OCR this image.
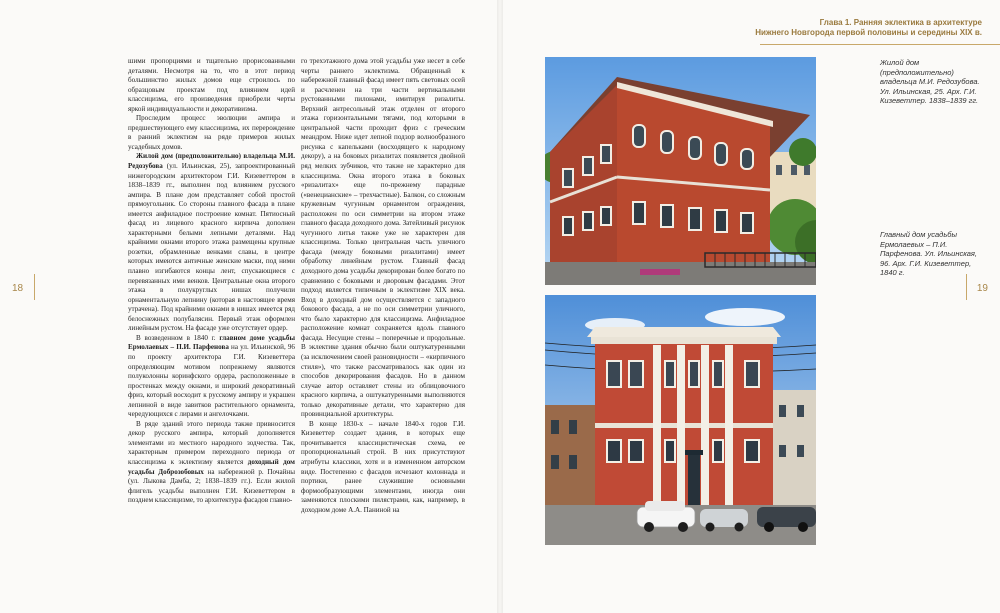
Глава 1. Ранняя эклектика в архитектуре
Нижнего Новгорода первой половины и середины XIX в.
18	19

шими пропорциями и тщательно прорисованными деталями. Несмотря на то, что в этот период большинство жилых домов еще строилось по образцовым проектам под влиянием идей классицизма, его произведения приобрели черты яркой индивидуальности и декоративизма.

Проследим процесс эволюции ампира и предшествующего ему классицизма, их перерождение в ранний эклектизм на ряде примеров жилых усадебных домов.

Жилой дом (предположительно) владельца М.И. Редозубова (ул. Ильинская, 25), запроектированный нижегородским архитектором Г.И. Кизеветтером в 1838–1839 гг., выполнен под влиянием русского ампира. В плане дом представляет собой простой прямоугольник. Со стороны главного фасада в плане имеется анфиладное построение комнат. Пятиосный фасад из лицевого красного кирпича дополнен характерными белыми лепными деталями. Над крайними окнами второго этажа размещены крупные розетки, обрамленные венками славы, в центре которых имеются античные женские маски, под ними плавно изгибаются концы лент, спускающиеся с перевязанных ими венков. Центральные окна второго этажа в полукруглых нишах получили орнаментальную лепнину (которая в настоящее время утрачена). Под крайними окнами в нишах имеется ряд белоснежных полубалясин. Первый этаж оформлен линейным рустом. На фасаде уже отсутствует ордер.

В возведенном в 1840 г. главном доме усадьбы Ермолаевых – П.И. Парфенова на ул. Ильинской, 96 по проекту архитектора Г.И. Кизеветтера определяющим мотивом попрежнему являются полуколонны коринфского ордера, расположенные в простенках между окнами, и широкий декоративный фриз, который восходит к русскому ампиру и украшен лепниной в виде завитков растительного орнамента, чередующихся с лирами и ангелочками.

В ряде зданий этого периода также привносится декор русского ампира, который дополняется элементами из местного народного зодчества. Так, характерным примером переходного периода от классицизма к эклектизму является доходный дом усадьбы Доброзобовых на набережной р. Почайны (ул. Лыкова Дамба, 2; 1838–1839 гг.). Если жилой флигель усадьбы выполнен Г.И. Кизеветтером в позднем классицизме, то архитектура фасадов главно-

го трехэтажного дома этой усадьбы уже несет в себе черты раннего эклектизма. Обращенный к набережной главный фасад имеет пять световых осей и расчленен на три части вертикальными рустованными пилонами, имитируя ризалиты. Верхний антресольный этаж отделен от второго этажа горизонтальными тягами, под которыми в центральной части проходит фриз с греческим меандром. Ниже идет лепной подзор волнообразного рисунка с капельками (восходящего к народному декору), а на боковых ризалитах появляется двойной ряд мелких зубчиков, что также не характерно для классицизма. Окна второго этажа в боковых «ризалитах» еще по-прежнему парадные («венецианские» – трехчастные). Балкон, со сложным кружевным чугунным орнаментом ограждения, расположен по оси симметрии на втором этаже главного фасада доходного дома. Затейливый рисунок чугунного литья также уже не характерен для классицизма. Только центральная часть уличного фасада (между боковыми ризалитами) имеет обработку линейным рустом. Главный фасад доходного дома усадьбы декорирован более богато по сравнению с боковыми и дворовым фасадами. Этот подход является типичным в эклектизме XIX века. Вход в доходный дом осуществляется с западного бокового фасада, а не по оси симметрии уличного, что было характерно для классицизма. Анфиладное расположение комнат сохраняется вдоль главного фасада. Несущие стены – поперечные и продольные. В эклектике здания обычно были оштукатуренными (за исключением своей разновидности – «кирпичного стиля»), что также рассматривалось как один из способов декорирования фасадов. Но в данном случае автор оставляет стены из облицовочного красного кирпича, а оштукатуренными выполняются только декоративные детали, что характерно для провинциальной архитектуры.

В конце 1830-х – начале 1840-х годов Г.И. Кизеветтер создает здания, в которых еще прочитывается классицистическая схема, ее пропорциональный строй. В них присутствуют атрибуты классики, хотя и в измененном авторском виде. Постепенно с фасадов исчезают колоннада и портики, ранее служившие основными формообразующими элементами, иногда они заменяются плоскими пилястрами, как, например, в доходном доме А.А. Паниной на

Жилой дом (предположительно) владельца М.И. Редозубова. Ул. Ильинская, 25. Арх. Г.И. Кизеветтер. 1838–1839 гг.
Главный дом усадьбы Ермолаевых – П.И. Парфенова. Ул. Ильинская, 96. Арх. Г.И. Кизеветтер, 1840 г.
